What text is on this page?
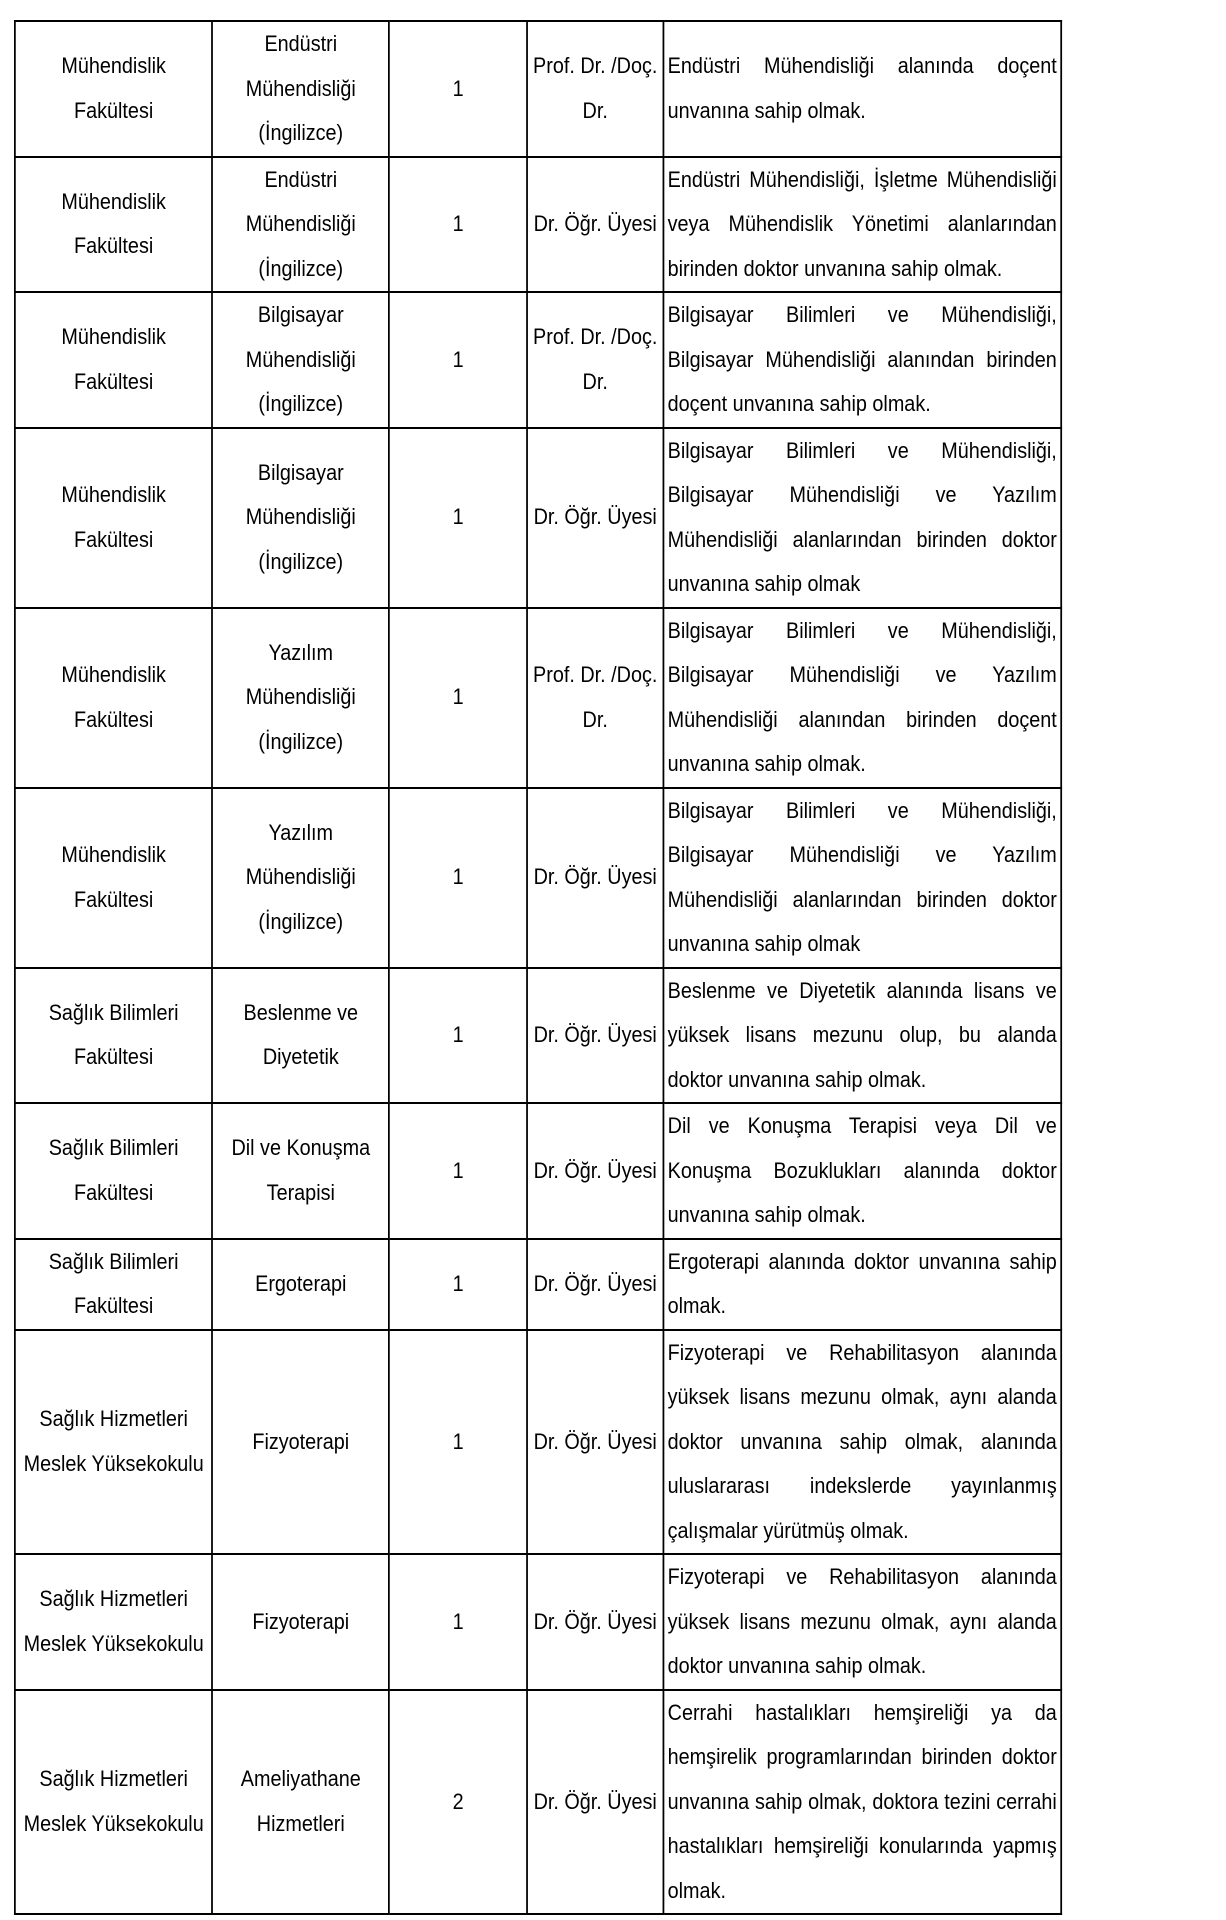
Mühendislik
Fakültesi	Endüstri
Mühendisliği
(İngilizce)	1	Prof. Dr. /Doç. Dr.	Endüstri Mühendisliği alanında doçent unvanına sahip olmak.

Mühendislik
Fakültesi	Endüstri
Mühendisliği
(İngilizce)	1	Dr. Öğr. Üyesi	Endüstri Mühendisliği, İşletme Mühendisliği veya Mühendislik Yönetimi alanlarından birinden doktor unvanına sahip olmak.

Mühendislik
Fakültesi	Bilgisayar
Mühendisliği
(İngilizce)	1	Prof. Dr. /Doç. Dr.	Bilgisayar Bilimleri ve Mühendisliği, Bilgisayar Mühendisliği alanından birinden doçent unvanına sahip olmak.

Mühendislik
Fakültesi	Bilgisayar
Mühendisliği
(İngilizce)	1	Dr. Öğr. Üyesi	Bilgisayar Bilimleri ve Mühendisliği, Bilgisayar Mühendisliği ve Yazılım Mühendisliği alanlarından birinden doktor unvanına sahip olmak

Mühendislik
Fakültesi	Yazılım
Mühendisliği
(İngilizce)	1	Prof. Dr. /Doç. Dr.	Bilgisayar Bilimleri ve Mühendisliği, Bilgisayar Mühendisliği ve Yazılım Mühendisliği alanından birinden doçent unvanına sahip olmak.

Mühendislik
Fakültesi	Yazılım
Mühendisliği
(İngilizce)	1	Dr. Öğr. Üyesi	Bilgisayar Bilimleri ve Mühendisliği, Bilgisayar Mühendisliği ve Yazılım Mühendisliği alanlarından birinden doktor unvanına sahip olmak

Sağlık Bilimleri
Fakültesi	Beslenme ve
Diyetetik	1	Dr. Öğr. Üyesi	Beslenme ve Diyetetik alanında lisans ve yüksek lisans mezunu olup, bu alanda doktor unvanına sahip olmak.

Sağlık Bilimleri
Fakültesi	Dil ve Konuşma
Terapisi	1	Dr. Öğr. Üyesi	Dil ve Konuşma Terapisi veya Dil ve Konuşma Bozuklukları alanında doktor unvanına sahip olmak.

Sağlık Bilimleri
Fakültesi	Ergoterapi	1	Dr. Öğr. Üyesi	Ergoterapi alanında doktor unvanına sahip olmak.

Sağlık Hizmetleri
Meslek Yüksekokulu	Fizyoterapi	1	Dr. Öğr. Üyesi	Fizyoterapi ve Rehabilitasyon alanında yüksek lisans mezunu olmak, aynı alanda doktor unvanına sahip olmak, alanında uluslararası indekslerde yayınlanmış çalışmalar yürütmüş olmak.

Sağlık Hizmetleri
Meslek Yüksekokulu	Fizyoterapi	1	Dr. Öğr. Üyesi	Fizyoterapi ve Rehabilitasyon alanında yüksek lisans mezunu olmak, aynı alanda doktor unvanına sahip olmak.

Sağlık Hizmetleri
Meslek Yüksekokulu	Ameliyathane
Hizmetleri	2	Dr. Öğr. Üyesi	Cerrahi hastalıkları hemşireliği ya da hemşirelik programlarından birinden doktor unvanına sahip olmak, doktora tezini cerrahi hastalıkları hemşireliği konularında yapmış olmak.
